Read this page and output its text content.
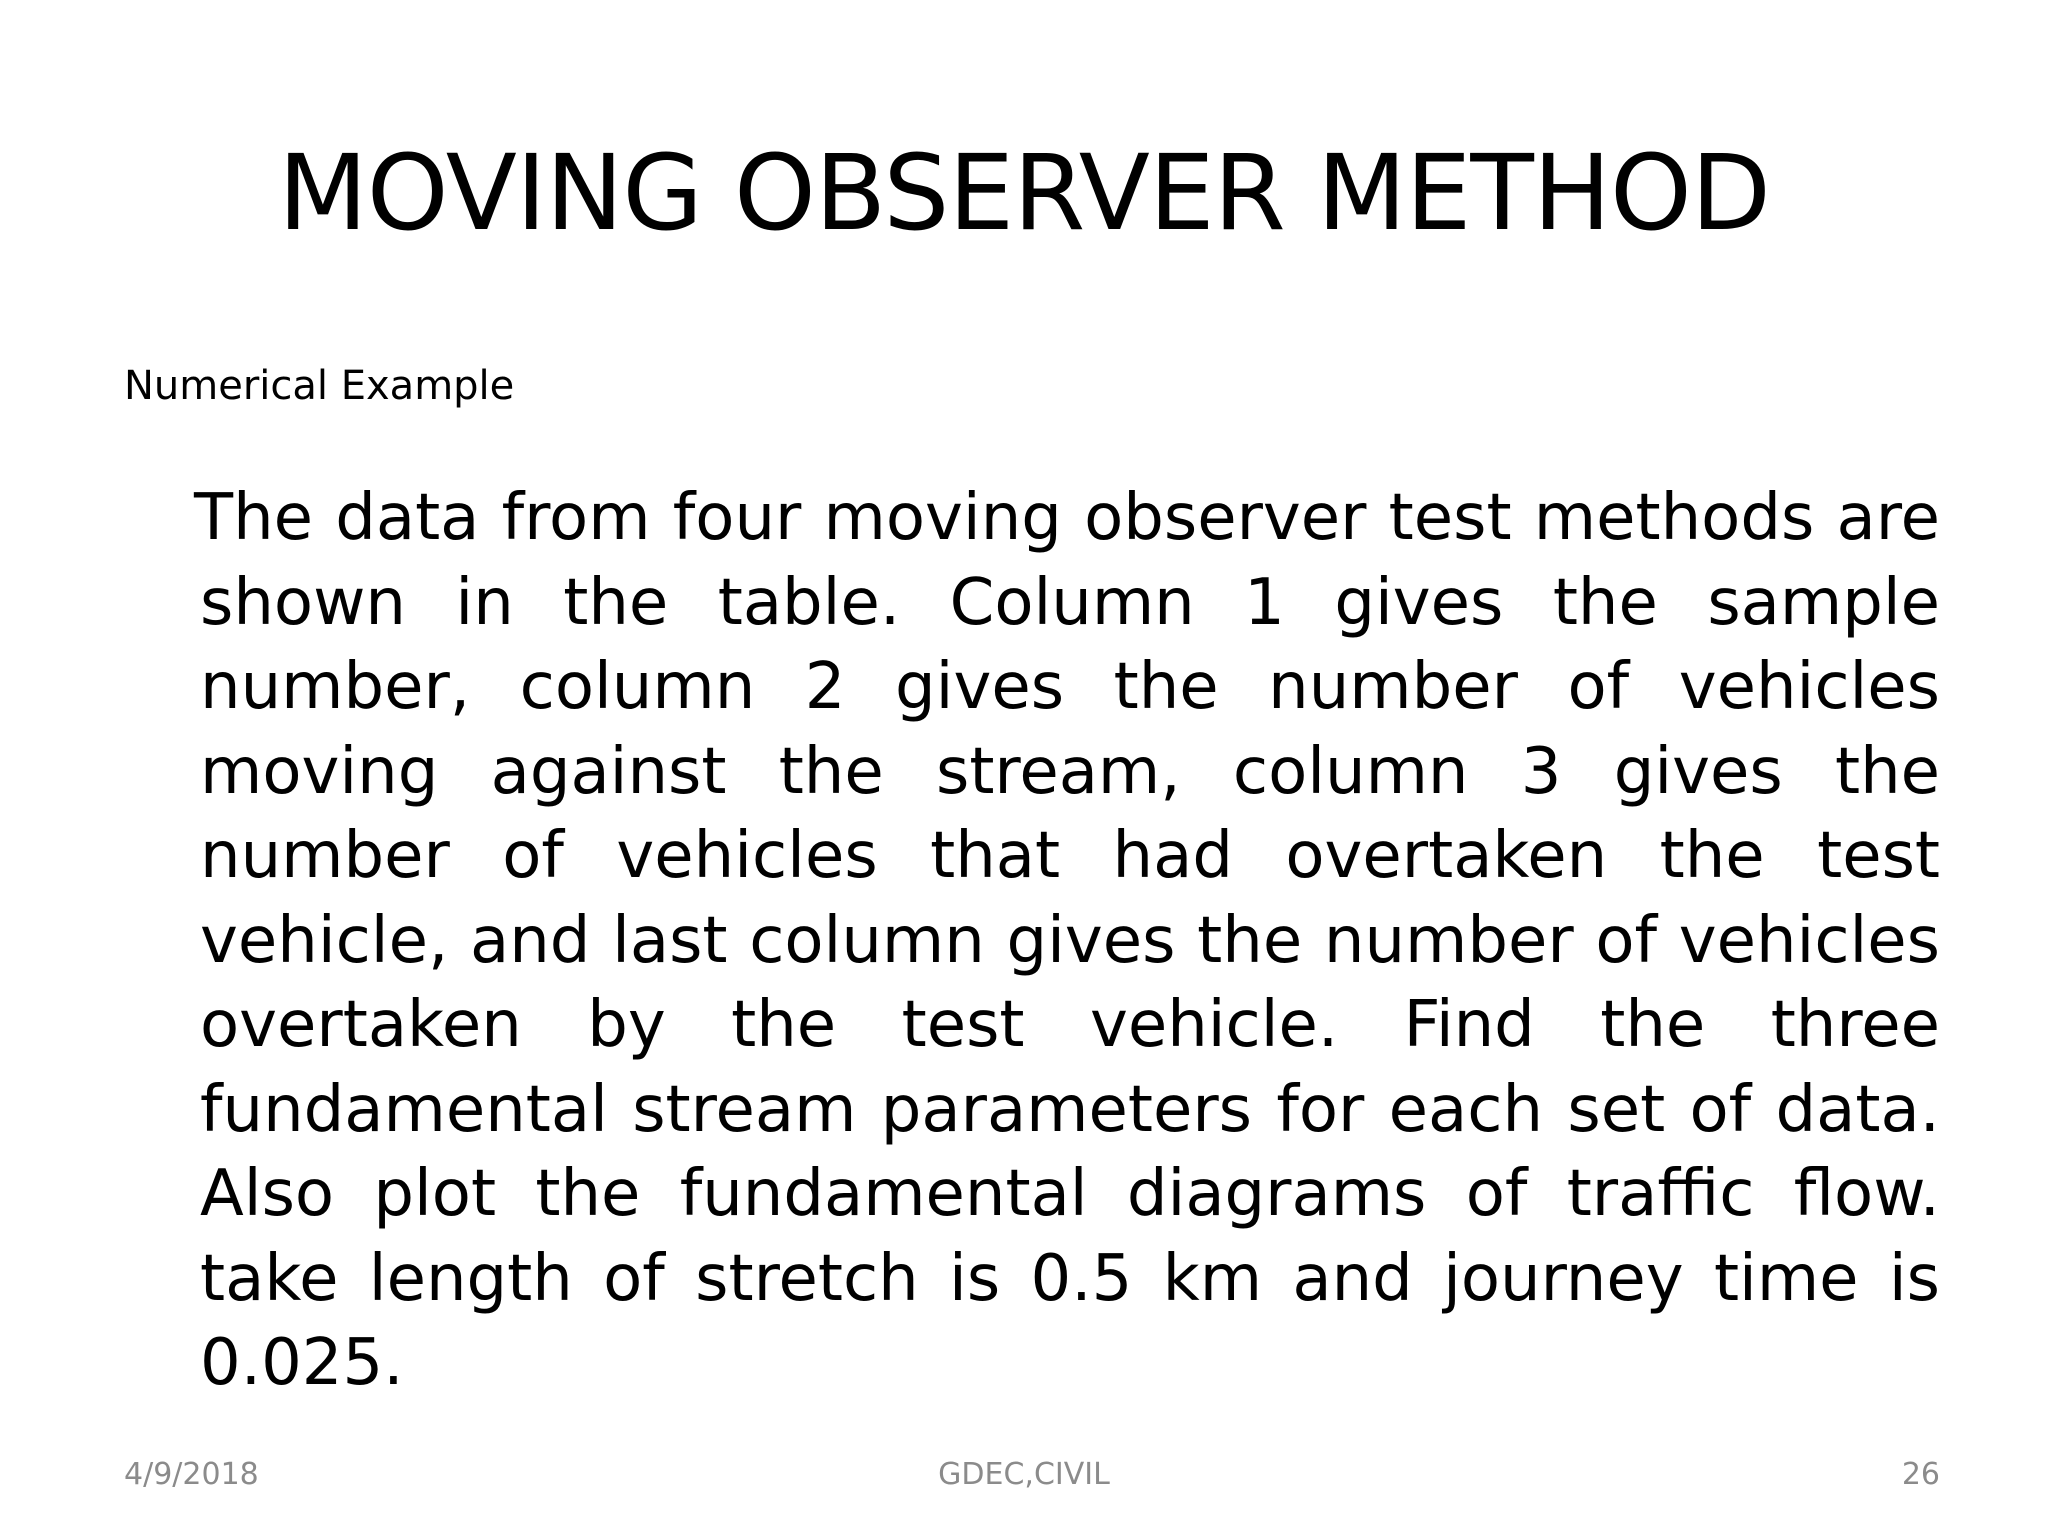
MOVING OBSERVER METHOD
Numerical Example
The data from four moving observer test methods are shown in the table. Column 1 gives the sample number, column 2 gives the number of vehicles moving against the stream, column 3 gives the number of vehicles that had overtaken the test vehicle, and last column gives the number of vehicles overtaken by the test vehicle. Find the three fundamental stream parameters for each set of data. Also plot the fundamental diagrams of traffic flow. take length of stretch is 0.5 km and journey time is 0.025.
4/9/2018	GDEC,CIVIL	26
